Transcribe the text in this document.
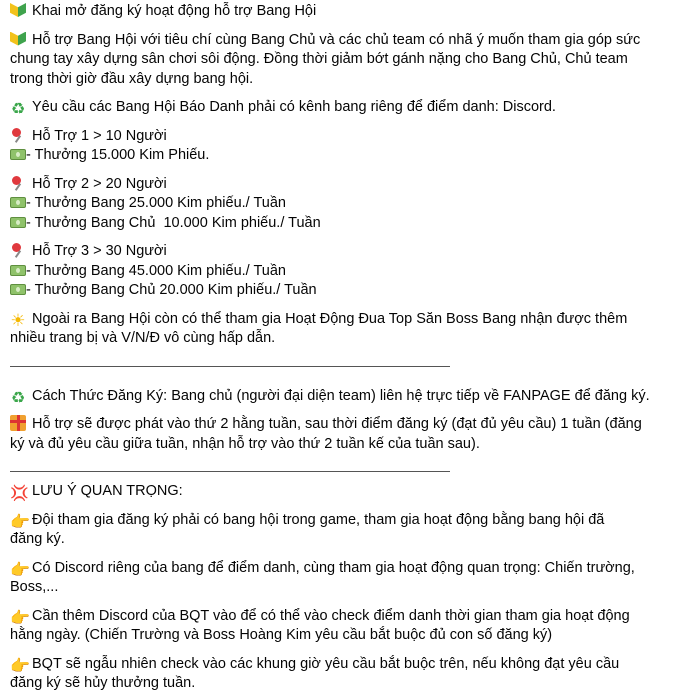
Khai mở đăng ký hoạt động hỗ trợ Bang Hội
Hỗ trợ Bang Hội với tiêu chí cùng Bang Chủ và các chủ team có nhã ý muốn tham gia góp sức
chung tay xây dựng sân chơi sôi động. Đồng thời giảm bớt gánh nặng cho Bang Chủ, Chủ team
trong thời giờ đầu xây dựng bang hội.
♻ Yêu cầu các Bang Hội Báo Danh phải có kênh bang riêng để điểm danh: Discord.
Hỗ Trợ 1 > 10 Người
- Thưởng 15.000 Kim Phiếu.
Hỗ Trợ 2 > 20 Người
- Thưởng Bang 25.000 Kim phiếu./ Tuần
- Thưởng Bang Chủ  10.000 Kim phiếu./ Tuần
Hỗ Trợ 3 > 30 Người
- Thưởng Bang 45.000 Kim phiếu./ Tuần
- Thưởng Bang Chủ 20.000 Kim phiếu./ Tuần
☀ Ngoài ra Bang Hội còn có thể tham gia Hoạt Động Đua Top Săn Boss Bang nhận được thêm
nhiều trang bị và V/N/Đ vô cùng hấp dẫn.
♻ Cách Thức Đăng Ký: Bang chủ (người đại diện team) liên hệ trực tiếp về FANPAGE để đăng ký.
Hỗ trợ sẽ được phát vào thứ 2 hằng tuần, sau thời điểm đăng ký (đạt đủ yêu cầu) 1 tuần (đăng
ký và đủ yêu cầu giữa tuần, nhận hỗ trợ vào thứ 2 tuần kế của tuần sau).
💢 LƯU Ý QUAN TRỌNG:
👉 Đội tham gia đăng ký phải có bang hội trong game, tham gia hoạt động bằng bang hội đã
đăng ký.
👉 Có Discord riêng của bang để điểm danh, cùng tham gia hoạt động quan trọng: Chiến trường,
Boss,...
👉 Cần thêm Discord của BQT vào để có thể vào check điểm danh thời gian tham gia hoạt động
hằng ngày. (Chiến Trường và Boss Hoàng Kim yêu cầu bắt buộc đủ con số đăng ký)
👉 BQT sẽ ngẫu nhiên check vào các khung giờ yêu cầu bắt buộc trên, nếu không đạt yêu cầu
đăng ký sẽ hủy thưởng tuần.
